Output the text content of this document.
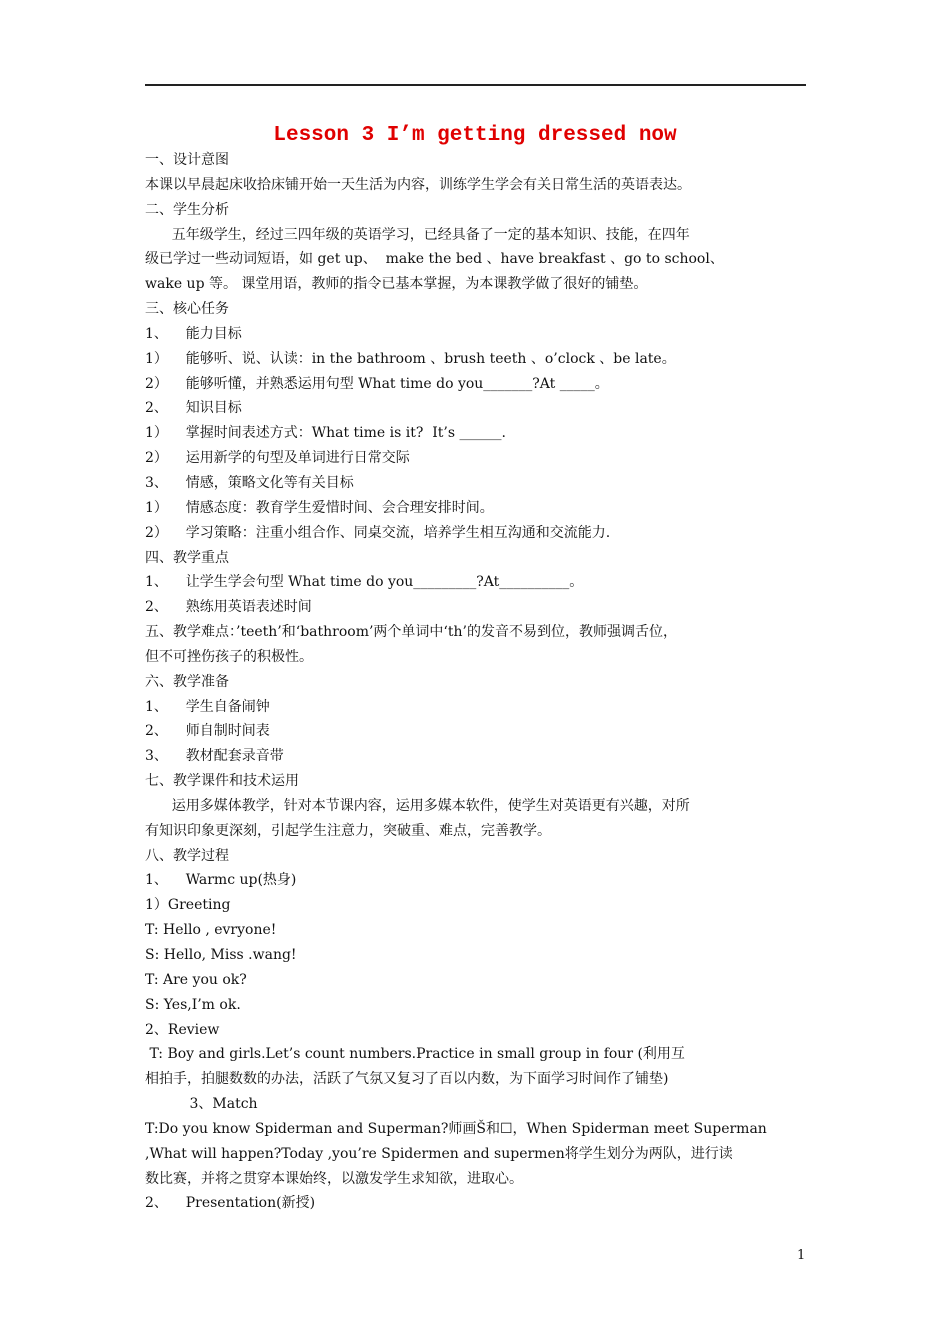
Lesson 3 I’m getting dressed now
一、设计意图
本课以早晨起床收拾床铺开始一天生活为内容，训练学生学会有关日常生活的英语表达。
二、学生分析
五年级学生，经过三四年级的英语学习，已经具备了一定的基本知识、技能，在四年
级已学过一些动词短语，如 get up、  make the bed 、have breakfast 、go to school、
wake up 等。 课堂用语，教师的指令已基本掌握，为本课教学做了很好的铺垫。
三、核心任务
1、    能力目标
1）    能够听、说、认读：in the bathroom 、brush teeth 、o’clock 、be late。
2）    能够听懂，并熟悉运用句型 What time do you_______?At _____。
2、    知识目标
1）    掌握时间表述方式：What time is it?  It’s ______.
2）    运用新学的句型及单词进行日常交际
3、    情感，策略文化等有关目标
1）    情感态度：教育学生爱惜时间、会合理安排时间。
2）    学习策略：注重小组合作、同桌交流，培养学生相互沟通和交流能力.
四、教学重点
1、    让学生学会句型 What time do you_________?At__________。
2、    熟练用英语表述时间
五、教学难点：’teeth’和‘bathroom’两个单词中‘th’的发音不易到位，教师强调舌位，
但不可挫伤孩子的积极性。
六、教学准备
1、    学生自备闹钟
2、    师自制时间表
3、    教材配套录音带
七、教学课件和技术运用
运用多媒体教学，针对本节课内容，运用多媒本软件，使学生对英语更有兴趣，对所
有知识印象更深刻，引起学生注意力，突破重、难点，完善教学。
八、教学过程
1、    Warmc up(热身)
1）Greeting
T: Hello , evryone!
S: Hello, Miss .wang!
T: Are you ok?
S: Yes,I’m ok.
2、Review
T: Boy and girls.Let’s count numbers.Practice in small group in four (利用互
相拍手，拍腿数数的办法，活跃了气氛又复习了百以内数，为下面学习时间作了铺垫)
3、Match
T:Do you know Spiderman and Superman?师画Š和☐，When Spiderman meet Superman
,What will happen?Today ,you’re Spidermen and supermen将学生划分为两队，进行读
数比赛，并将之贯穿本课始终，以激发学生求知欲，进取心。
2、    Presentation(新授)
1
